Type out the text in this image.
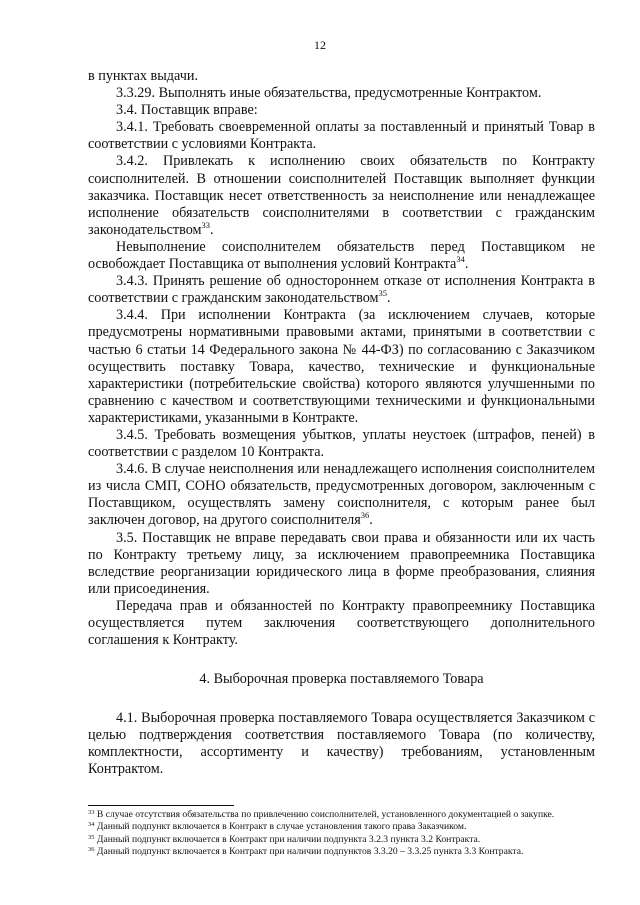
12

в пунктах выдачи.

3.3.29. Выполнять иные обязательства, предусмотренные Контрактом.

3.4. Поставщик вправе:

3.4.1. Требовать своевременной оплаты за поставленный и принятый Товар в соответствии с условиями Контракта.

3.4.2. Привлекать к исполнению своих обязательств по Контракту соисполнителей. В отношении соисполнителей Поставщик выполняет функции заказчика. Поставщик несет ответственность за неисполнение или ненадлежащее исполнение обязательств соисполнителями в соответствии с гражданским законодательством$^{33}$.

Невыполнение соисполнителем обязательств перед Поставщиком не освобождает Поставщика от выполнения условий Контракта$^{34}$.

3.4.3. Принять решение об одностороннем отказе от исполнения Контракта в соответствии с гражданским законодательством$^{35}$.

3.4.4. При исполнении Контракта (за исключением случаев, которые предусмотрены нормативными правовыми актами, принятыми в соответствии с частью 6 статьи 14 Федерального закона № 44-ФЗ) по согласованию с Заказчиком осуществить поставку Товара, качество, технические и функциональные характеристики (потребительские свойства) которого являются улучшенными по сравнению с качеством и соответствующими техническими и функциональными характеристиками, указанными в Контракте.

3.4.5. Требовать возмещения убытков, уплаты неустоек (штрафов, пеней) в соответствии с разделом 10 Контракта.

3.4.6. В случае неисполнения или ненадлежащего исполнения соисполнителем из числа СМП, СОНО обязательств, предусмотренных договором, заключенным с Поставщиком, осуществлять замену соисполнителя, с которым ранее был заключен договор, на другого соисполнителя$^{36}$.

3.5. Поставщик не вправе передавать свои права и обязанности или их часть по Контракту третьему лицу, за исключением правопреемника Поставщика вследствие реорганизации юридического лица в форме преобразования, слияния или присоединения.

Передача прав и обязанностей по Контракту правопреемнику Поставщика осуществляется путем заключения соответствующего дополнительного соглашения к Контракту.

4. Выборочная проверка поставляемого Товара

4.1. Выборочная проверка поставляемого Товара осуществляется Заказчиком с целью подтверждения соответствия поставляемого Товара (по количеству, комплектности, ассортименту и качеству) требованиям, установленным Контрактом.

$^{33}$ В случае отсутствия обязательства по привлечению соисполнителей, установленного документацией о закупке.
$^{34}$ Данный подпункт включается в Контракт в случае установления такого права Заказчиком.
$^{35}$ Данный подпункт включается в Контракт при наличии подпункта 3.2.3 пункта 3.2 Контракта.
$^{36}$ Данный подпункт включается в Контракт при наличии подпунктов 3.3.20 – 3.3.25 пункта 3.3 Контракта.
